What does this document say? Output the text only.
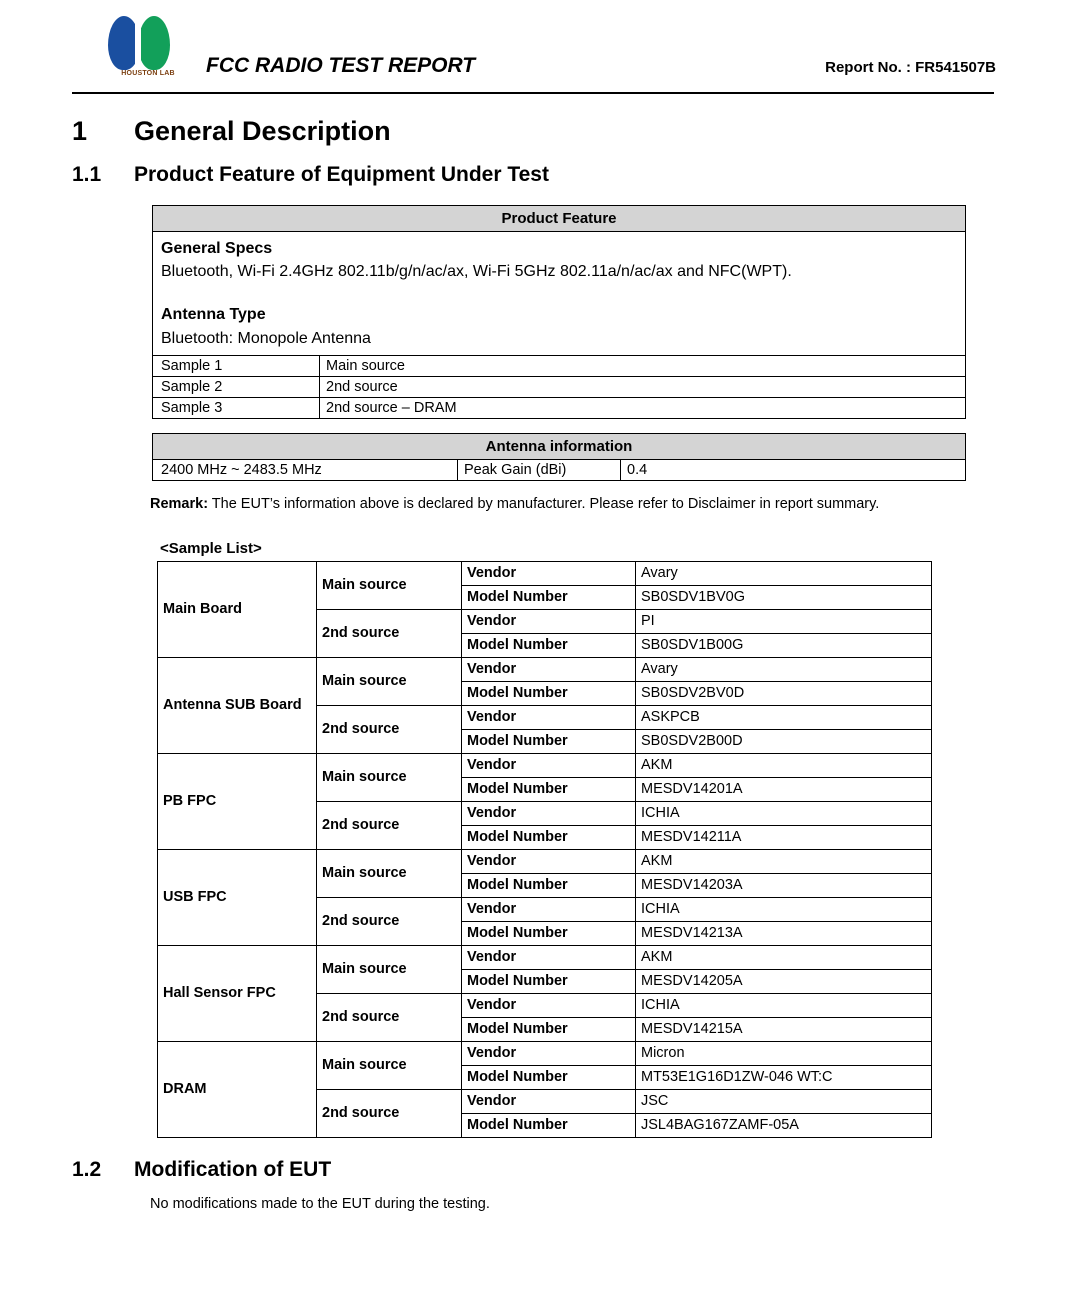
HOUSTON LAB	FCC RADIO TEST REPORT	Report No. : FR541507B
1	General Description
1.1	Product Feature of Equipment Under Test
Product Feature
General Specs
Bluetooth, Wi-Fi 2.4GHz 802.11b/g/n/ac/ax, Wi-Fi 5GHz 802.11a/n/ac/ax and NFC(WPT).
Antenna Type
Bluetooth: Monopole Antenna
Sample 1	Main source
Sample 2	2nd source
Sample 3	2nd source – DRAM
Antenna information
2400 MHz ~ 2483.5 MHz	Peak Gain (dBi)	0.4
Remark: The EUT’s information above is declared by manufacturer. Please refer to Disclaimer in report summary.
<Sample List>
Main Board	Main source	Vendor	Avary
		Model Number	SB0SDV1BV0G
	2nd source	Vendor	PI
		Model Number	SB0SDV1B00G
Antenna SUB Board	Main source	Vendor	Avary
		Model Number	SB0SDV2BV0D
	2nd source	Vendor	ASKPCB
		Model Number	SB0SDV2B00D
PB FPC	Main source	Vendor	AKM
		Model Number	MESDV14201A
	2nd source	Vendor	ICHIA
		Model Number	MESDV14211A
USB FPC	Main source	Vendor	AKM
		Model Number	MESDV14203A
	2nd source	Vendor	ICHIA
		Model Number	MESDV14213A
Hall Sensor FPC	Main source	Vendor	AKM
		Model Number	MESDV14205A
	2nd source	Vendor	ICHIA
		Model Number	MESDV14215A
DRAM	Main source	Vendor	Micron
		Model Number	MT53E1G16D1ZW-046 WT:C
	2nd source	Vendor	JSC
		Model Number	JSL4BAG167ZAMF-05A
1.2	Modification of EUT
No modifications made to the EUT during the testing.
